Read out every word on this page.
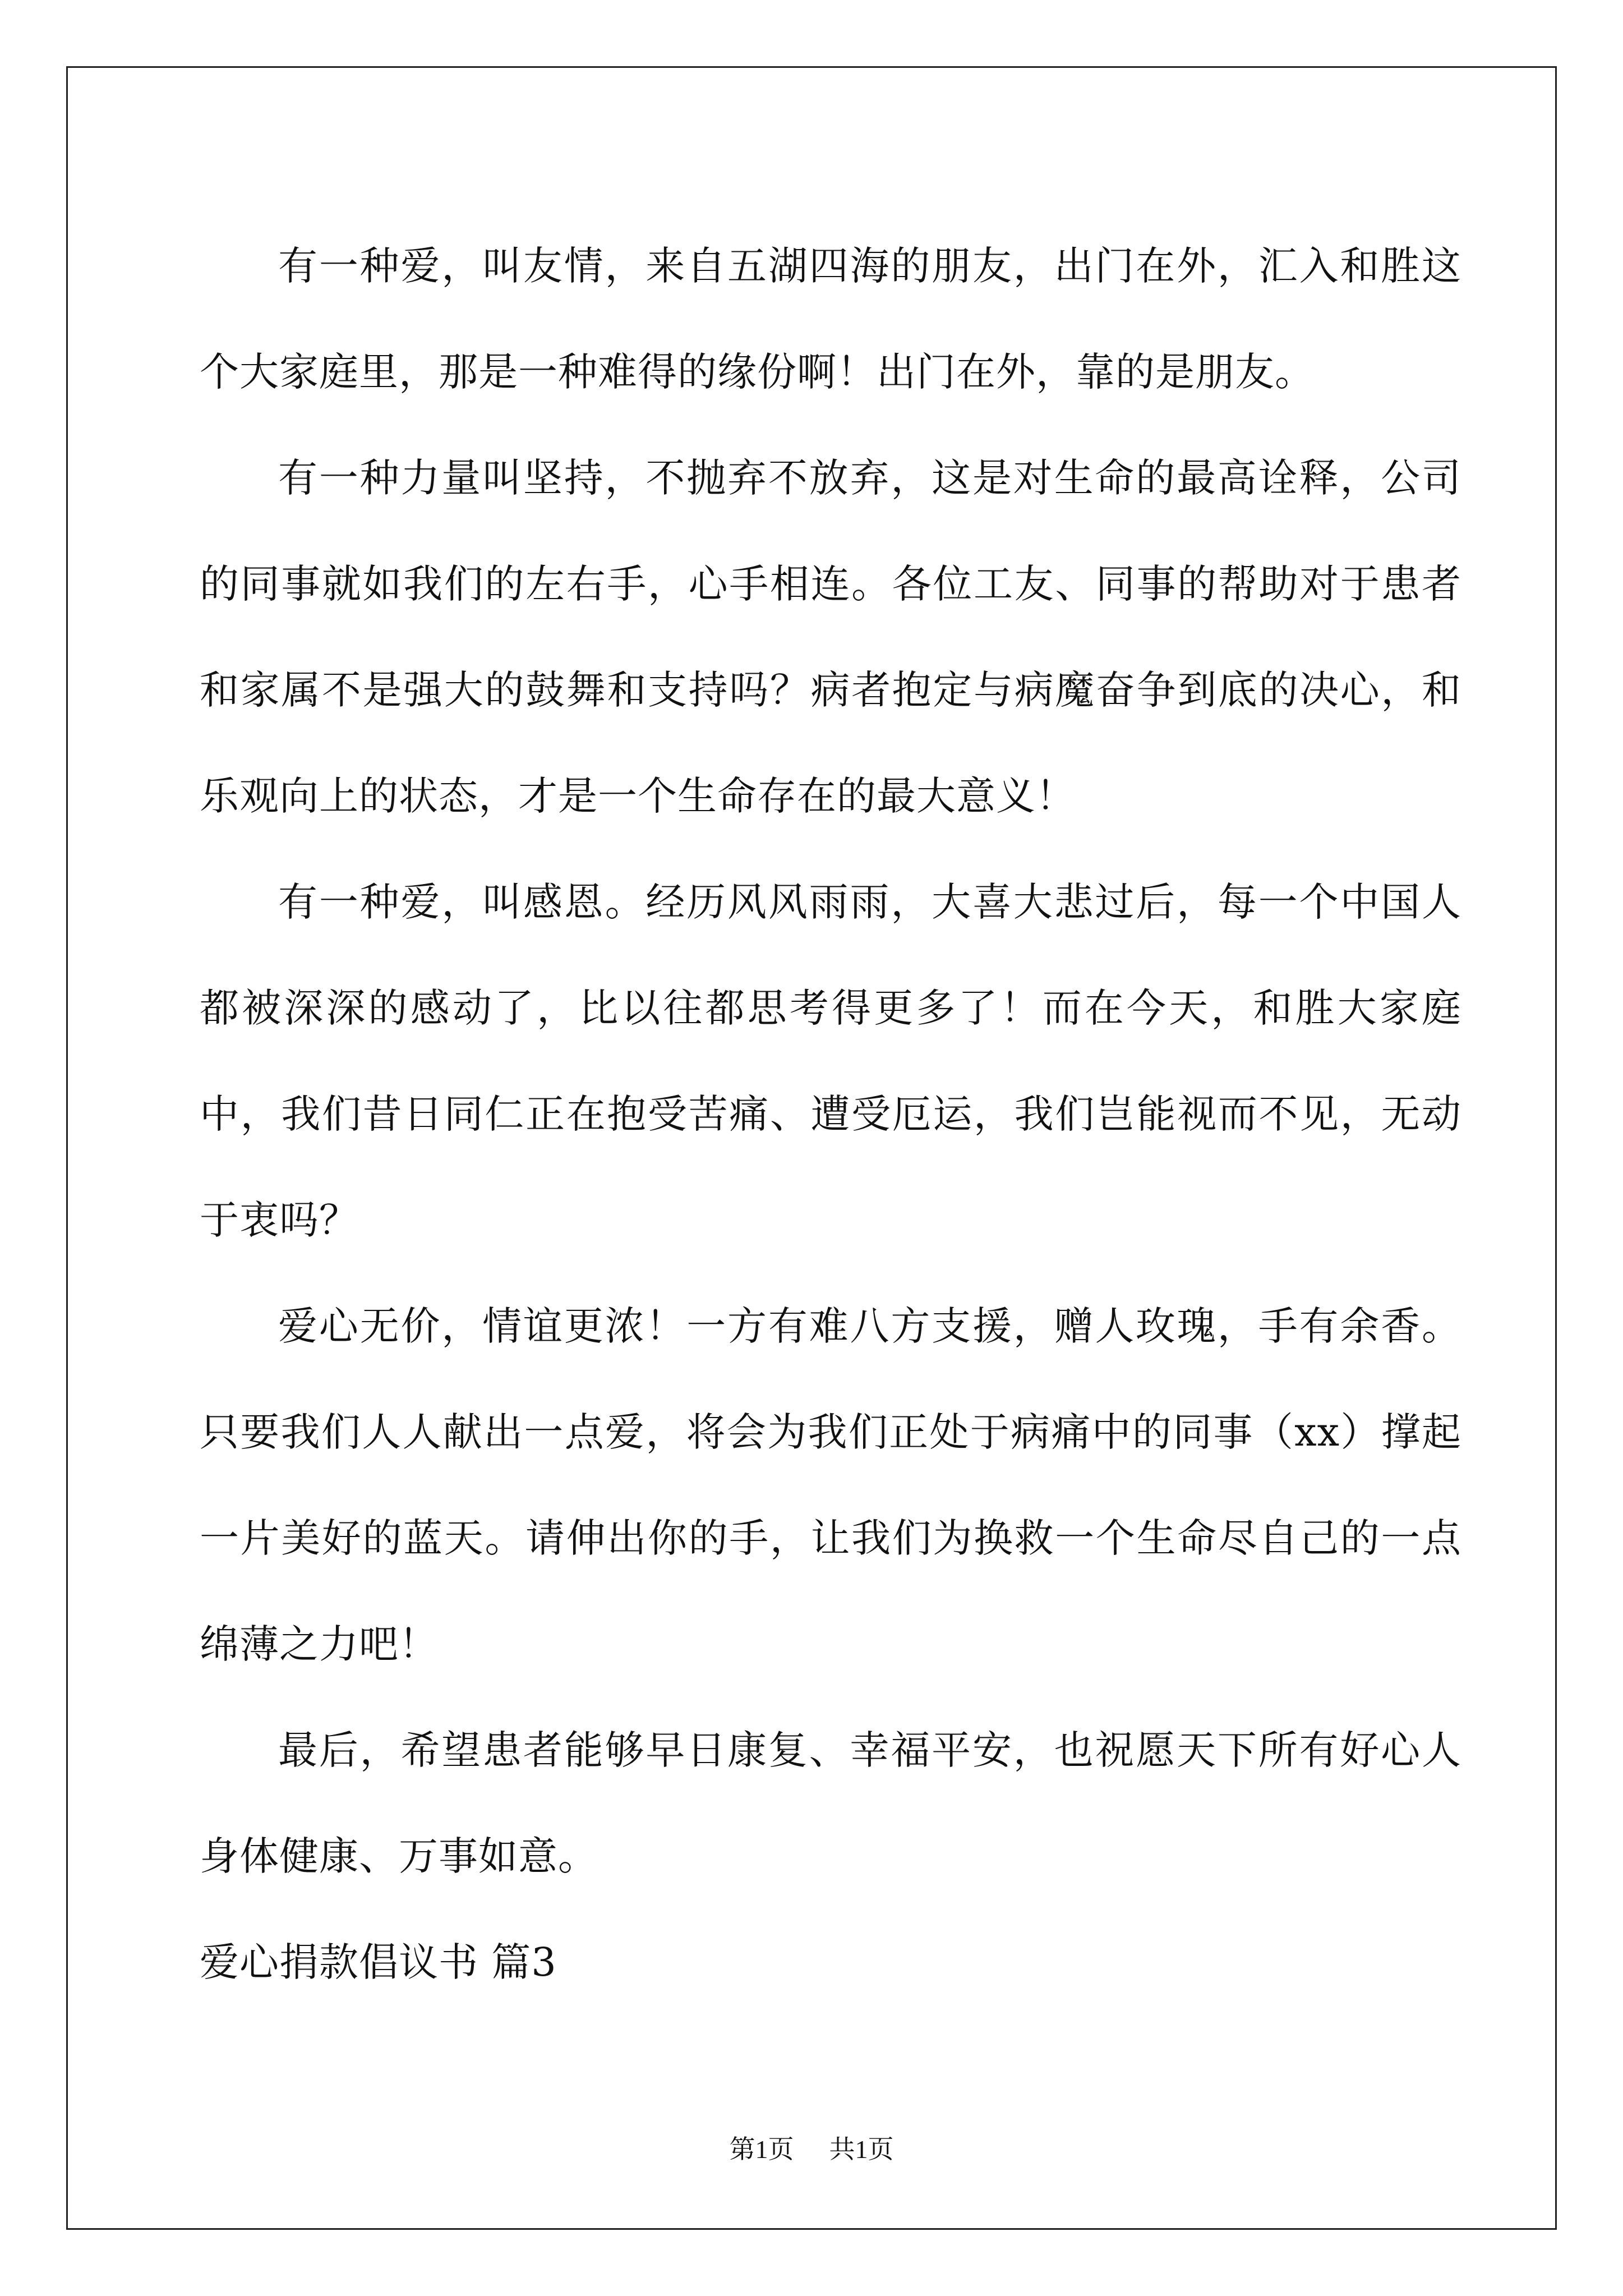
有一种爱，叫友情，来自五湖四海的朋友，出门在外，汇入和胜这个大家庭里，那是一种难得的缘份啊！出门在外，靠的是朋友。

有一种力量叫坚持，不抛弃不放弃，这是对生命的最高诠释，公司的同事就如我们的左右手，心手相连。各位工友、同事的帮助对于患者和家属不是强大的鼓舞和支持吗？病者抱定与病魔奋争到底的决心，和乐观向上的状态，才是一个生命存在的最大意义！

有一种爱，叫感恩。经历风风雨雨，大喜大悲过后，每一个中国人都被深深的感动了，比以往都思考得更多了！而在今天，和胜大家庭中，我们昔日同仁正在抱受苦痛、遭受厄运，我们岂能视而不见，无动于衷吗？

爱心无价，情谊更浓！一方有难八方支援，赠人玫瑰，手有余香。只要我们人人献出一点爱，将会为我们正处于病痛中的同事（xx）撑起一片美好的蓝天。请伸出你的手，让我们为换救一个生命尽自己的一点绵薄之力吧！

最后，希望患者能够早日康复、幸福平安，也祝愿天下所有好心人身体健康、万事如意。

爱心捐款倡议书 篇3

第1页 共1页
